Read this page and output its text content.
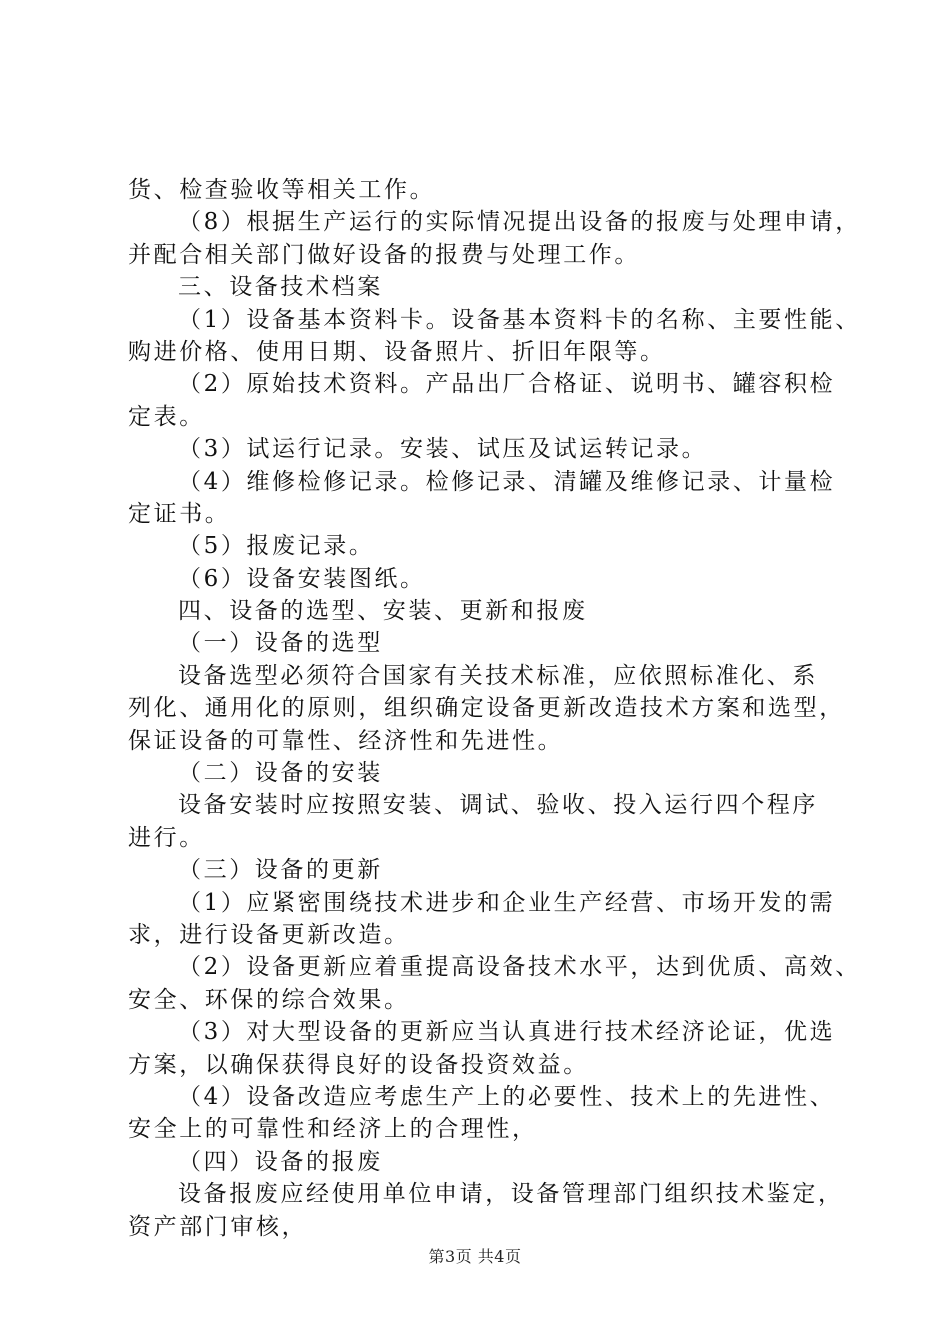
货、检查验收等相关工作。
（8）根据生产运行的实际情况提出设备的报废与处理申请，
并配合相关部门做好设备的报费与处理工作。
三、设备技术档案
（1）设备基本资料卡。设备基本资料卡的名称、主要性能、
购进价格、使用日期、设备照片、折旧年限等。
（2）原始技术资料。产品出厂合格证、说明书、罐容积检
定表。
（3）试运行记录。安装、试压及试运转记录。
（4）维修检修记录。检修记录、清罐及维修记录、计量检
定证书。
（5）报废记录。
（6）设备安装图纸。
四、设备的选型、安装、更新和报废
（一）设备的选型
设备选型必须符合国家有关技术标准，应依照标准化、系
列化、通用化的原则，组织确定设备更新改造技术方案和选型，
保证设备的可靠性、经济性和先进性。
（二）设备的安装
设备安装时应按照安装、调试、验收、投入运行四个程序
进行。
（三）设备的更新
（1）应紧密围绕技术进步和企业生产经营、市场开发的需
求，进行设备更新改造。
（2）设备更新应着重提高设备技术水平，达到优质、高效、
安全、环保的综合效果。
（3）对大型设备的更新应当认真进行技术经济论证，优选
方案，以确保获得良好的设备投资效益。
（4）设备改造应考虑生产上的必要性、技术上的先进性、
安全上的可靠性和经济上的合理性，
（四）设备的报废
设备报废应经使用单位申请，设备管理部门组织技术鉴定，
资产部门审核，
第3页 共4页
